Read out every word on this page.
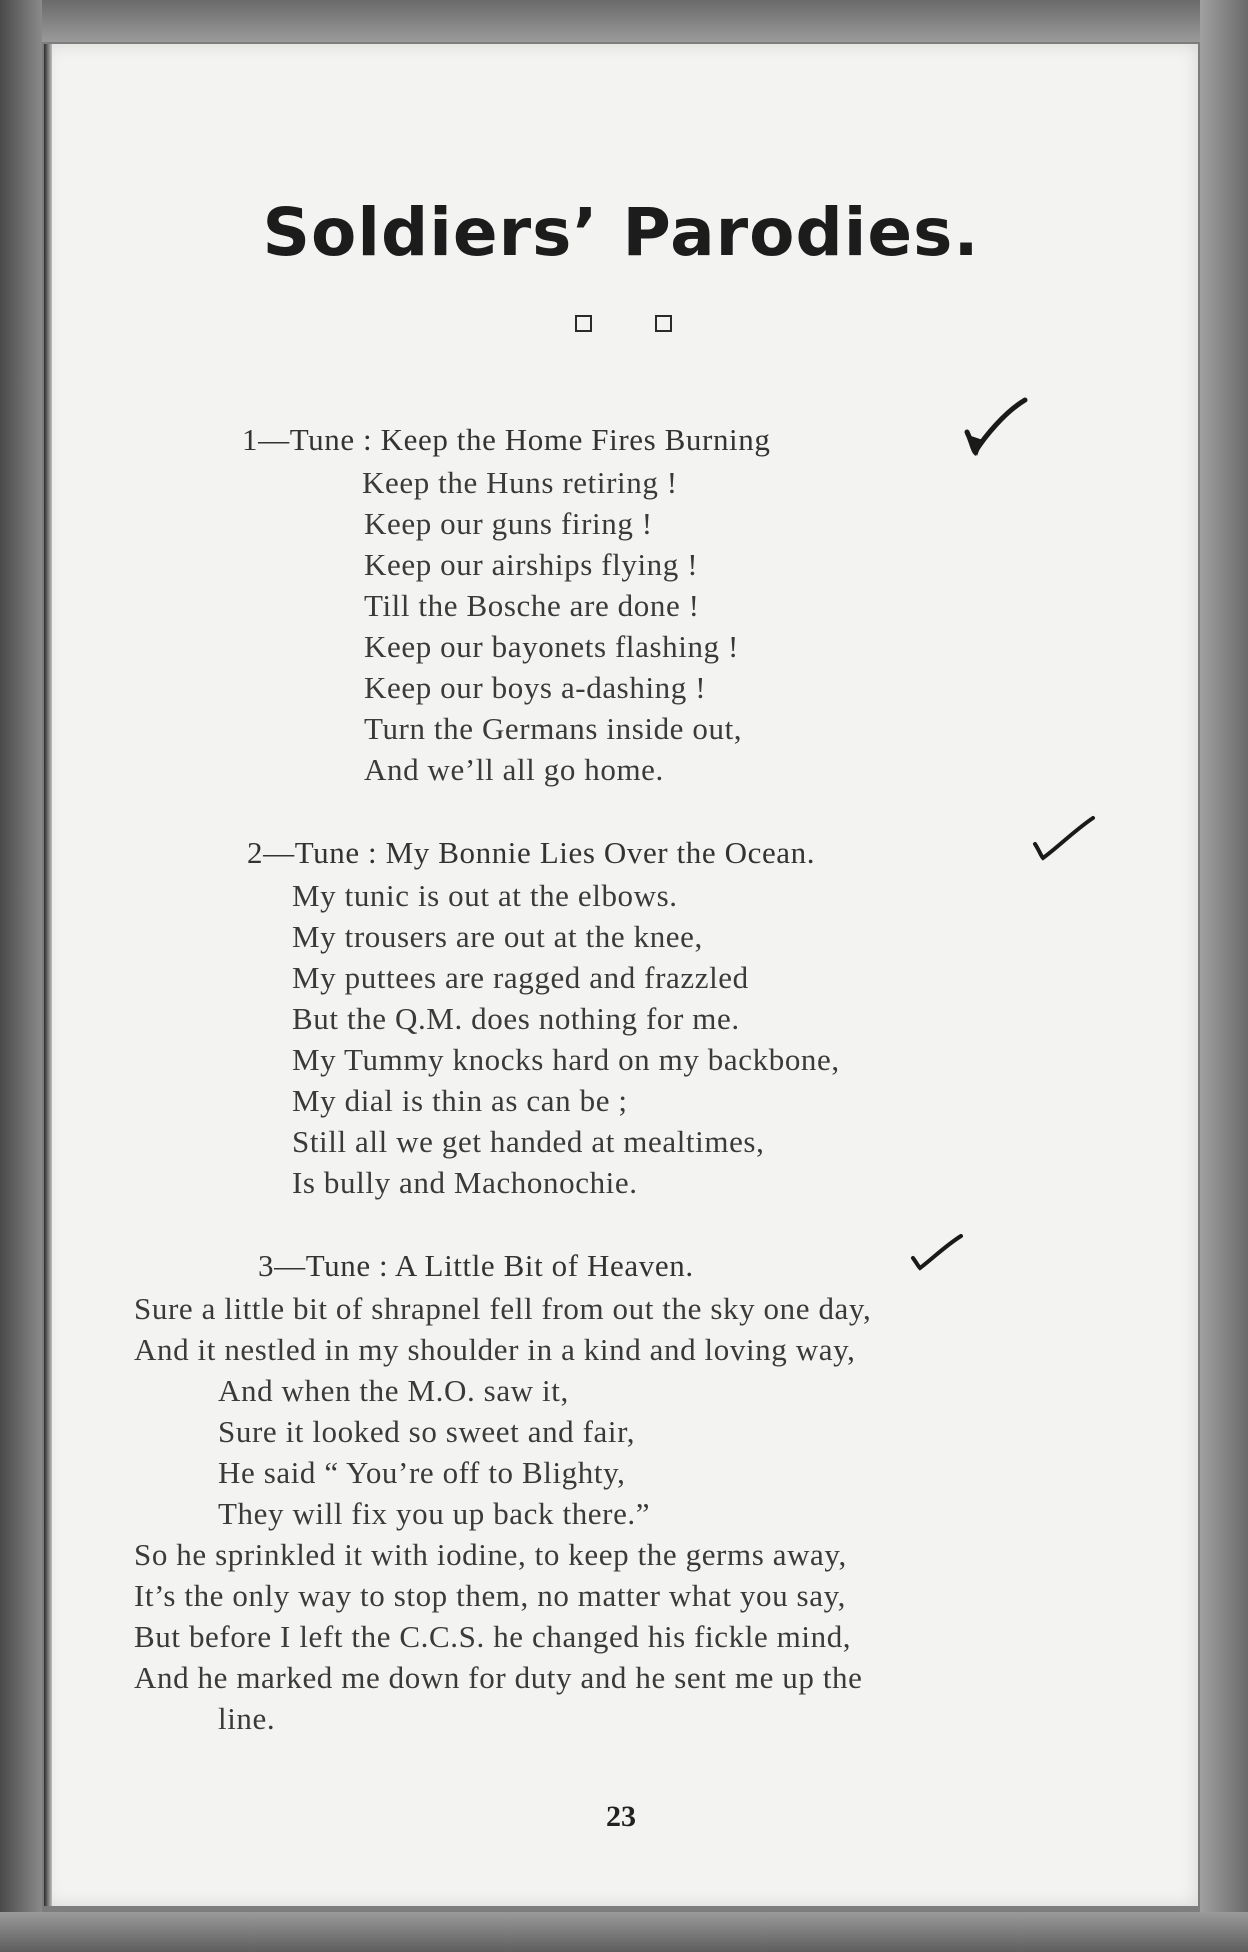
Soldiers’ Parodies.
1—Tune : Keep the Home Fires Burning
Keep the Huns retiring !
Keep our guns firing !
Keep our airships flying !
Till the Bosche are done !
Keep our bayonets flashing !
Keep our boys a-dashing !
Turn the Germans inside out,
And we’ll all go home.
2—Tune : My Bonnie Lies Over the Ocean.
My tunic is out at the elbows.
My trousers are out at the knee,
My puttees are ragged and frazzled
But the Q.M. does nothing for me.
My Tummy knocks hard on my backbone,
My dial is thin as can be ;
Still all we get handed at mealtimes,
Is bully and Machonochie.
3—Tune : A Little Bit of Heaven.
Sure a little bit of shrapnel fell from out the sky one day,
And it nestled in my shoulder in a kind and loving way,
And when the M.O. saw it,
Sure it looked so sweet and fair,
He said “ You’re off to Blighty,
They will fix you up back there.”
So he sprinkled it with iodine, to keep the germs away,
It’s the only way to stop them, no matter what you say,
But before I left the C.C.S. he changed his fickle mind,
And he marked me down for duty and he sent me up the
line.
23
